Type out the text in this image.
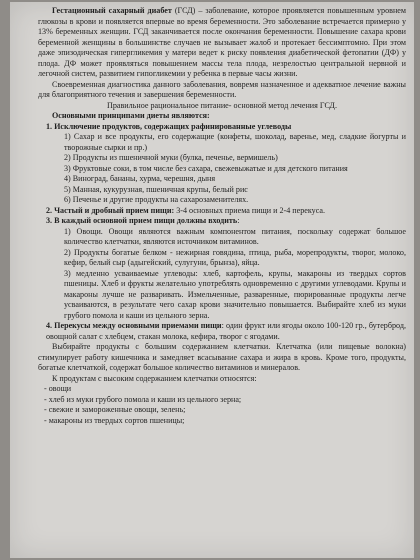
Гестационный сахарный диабет (ГСД) – заболевание, которое проявляется повышенным уровнем глюкозы в крови и появляется впервые во время беременности. Это заболевание встречается примерно у 13% беременных женщин. ГСД заканчивается после окончания беременности. Повышение сахара крови беременной женщины в большинстве случаев не вызывает жалоб и протекает бессимптомно. При этом даже эпизодическая гипергликемия у матери ведет к риску появления диабетической фетопатии (ДФ) у плода. ДФ может проявляться повышением массы тела плода, незрелостью центральной нервной и легочной систем, развитием гипогликемии у ребенка в первые часы жизни.

Своевременная диагностика данного заболевания, вовремя назначенное и адекватное лечение важны для благоприятного течения и завершения беременности.

Правильное рациональное питание- основной метод лечения ГСД.

Основными принципами диеты являются:

1. Исключение продуктов, содержащих рафинированные углеводы

1) Сахар и все продукты, его содержащие (конфеты, шоколад, варенье, мед, сладкие йогурты и творожные сырки и пр.)

2) Продукты из пшеничной муки (булка, печенье, вермишель)

3) Фруктовые соки, в том числе без сахара, свежевыжатые и для детского питания

4) Виноград, бананы, хурма, черешня, дыня

5) Манная, кукурузная, пшеничная крупы, белый рис

6) Печенье и другие продукты на сахарозаменителях.

2. Частый и дробный прием пищи: 3-4 основных приема пищи и 2-4 перекуса.

3. В каждый основной прием пищи должны входить:

1) Овощи. Овощи являются важным компонентом питания, поскольку содержат большое количество клетчатки, являются источником витаминов.

2) Продукты богатые белком - нежирная говядина, птица, рыба, морепродукты, творог, молоко, кефир, белый сыр (адыгейский, сулугуни, брынза), яйца.

3) медленно усваиваемые углеводы: хлеб, картофель, крупы, макароны из твердых сортов пшеницы. Хлеб и фрукты желательно употреблять одновременно с другими углеводами. Крупы и макароны лучше не разваривать. Измельченные, разваренные, пюрированные продукты легче усваиваются, в результате чего сахар крови значительно повышается. Выбирайте хлеб из муки грубого помола и каши из цельного зерна.

4. Перекусы между основными приемами пищи: один фрукт или ягоды около 100-120 гр., бутерброд, овощной салат с хлебцем, стакан молока, кефира, творог с ягодами.

Выбирайте продукты с большим содержанием клетчатки. Клетчатка (или пищевые волокна) стимулирует работу кишечника и замедляет всасывание сахара и жира в кровь. Кроме того, продукты, богатые клетчаткой, содержат большое количество витаминов и минералов.

К продуктам с высоким содержанием клетчатки относятся:

- овощи

- хлеб из муки грубого помола и каши из цельного зерна;

- свежие и замороженные овощи, зелень;

- макароны из твердых сортов пшеницы;
